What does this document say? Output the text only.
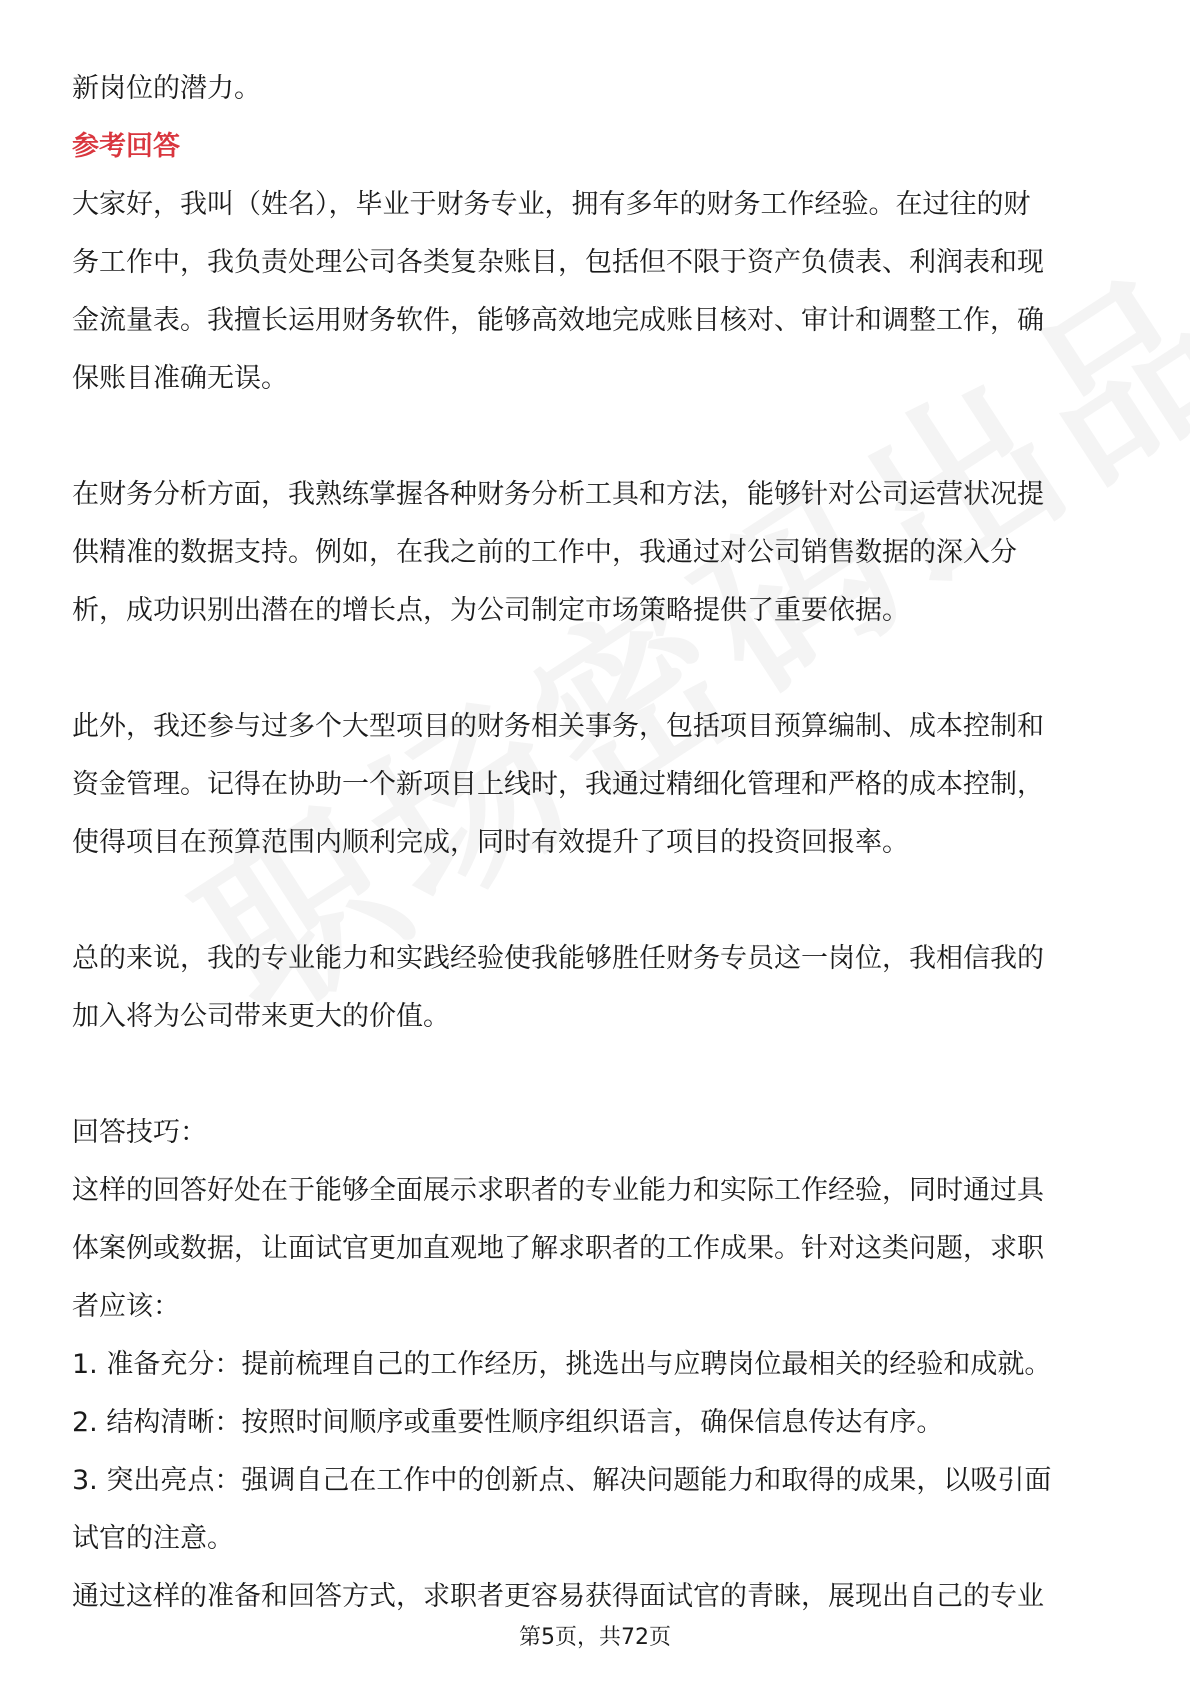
新岗位的潜力。
参考回答
大家好，我叫（姓名），毕业于财务专业，拥有多年的财务工作经验。在过往的财
务工作中，我负责处理公司各类复杂账目，包括但不限于资产负债表、利润表和现
金流量表。我擅长运用财务软件，能够高效地完成账目核对、审计和调整工作，确
保账目准确无误。
在财务分析方面，我熟练掌握各种财务分析工具和方法，能够针对公司运营状况提
供精准的数据支持。例如，在我之前的工作中，我通过对公司销售数据的深入分
析，成功识别出潜在的增长点，为公司制定市场策略提供了重要依据。
此外，我还参与过多个大型项目的财务相关事务，包括项目预算编制、成本控制和
资金管理。记得在协助一个新项目上线时，我通过精细化管理和严格的成本控制，
使得项目在预算范围内顺利完成，同时有效提升了项目的投资回报率。
总的来说，我的专业能力和实践经验使我能够胜任财务专员这一岗位，我相信我的
加入将为公司带来更大的价值。
回答技巧：
这样的回答好处在于能够全面展示求职者的专业能力和实际工作经验，同时通过具
体案例或数据，让面试官更加直观地了解求职者的工作成果。针对这类问题，求职
者应该：
1. 准备充分：提前梳理自己的工作经历，挑选出与应聘岗位最相关的经验和成就。
2. 结构清晰：按照时间顺序或重要性顺序组织语言，确保信息传达有序。
3. 突出亮点：强调自己在工作中的创新点、解决问题能力和取得的成果，以吸引面
试官的注意。
通过这样的准备和回答方式，求职者更容易获得面试官的青睐，展现出自己的专业
第5页，共72页
